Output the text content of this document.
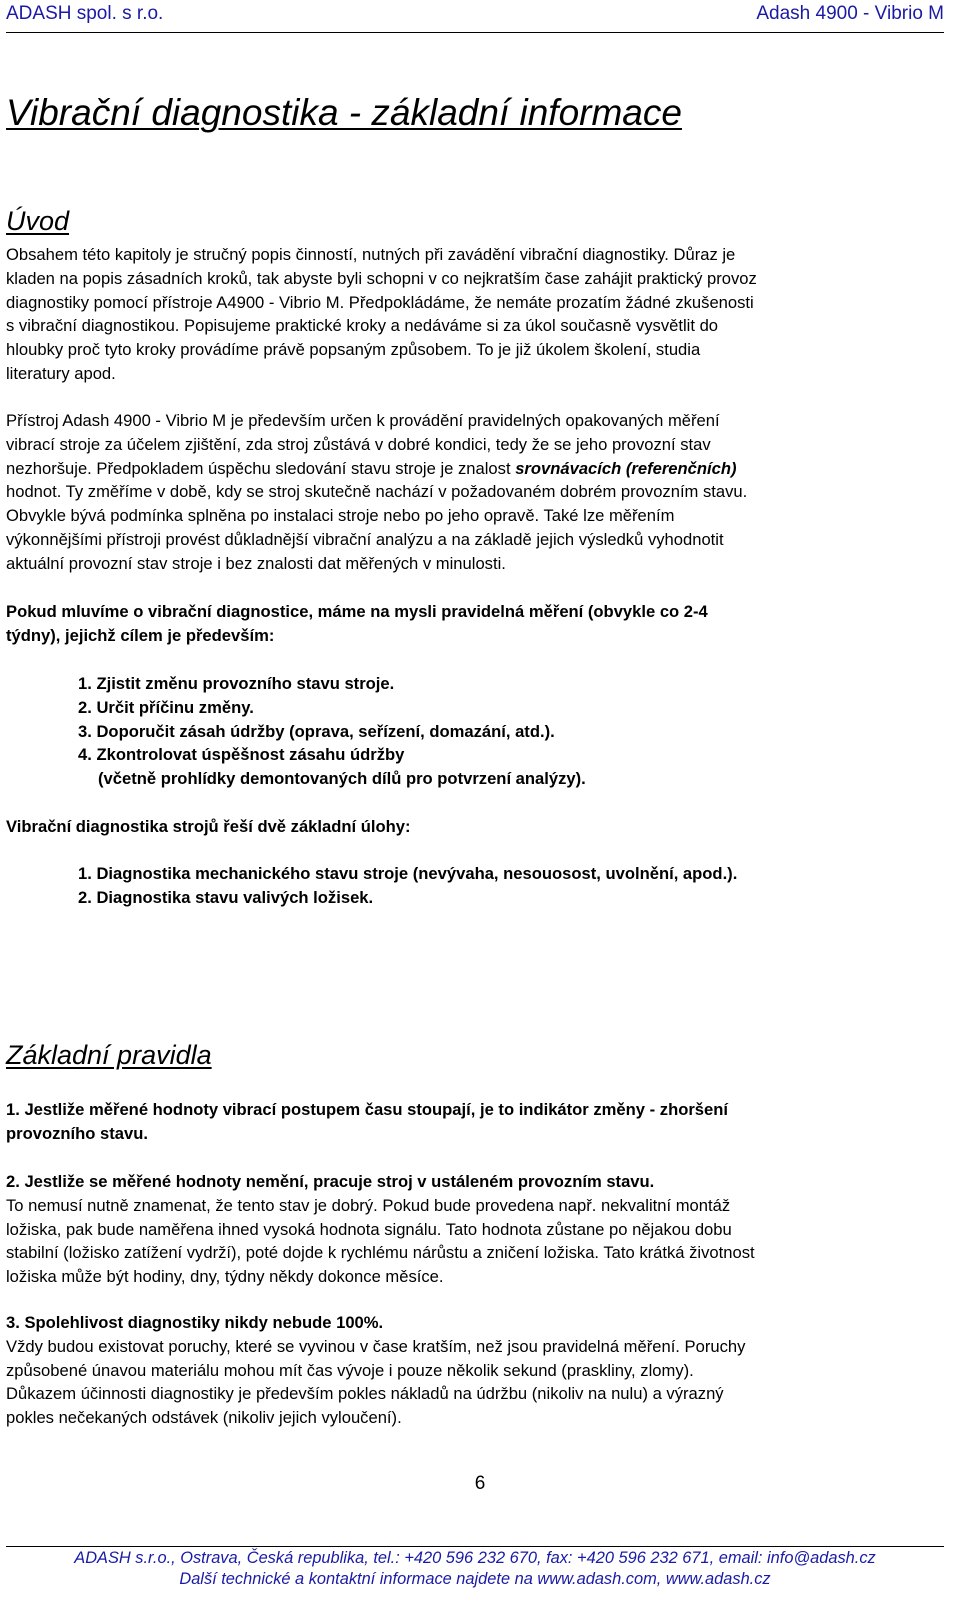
ADASH spol. s r.o.	Adash 4900 - Vibrio M
Vibrační diagnostika - základní informace
Úvod
Obsahem této kapitoly je stručný popis činností, nutných při zavádění vibrační diagnostiky. Důraz je
kladen na popis zásadních kroků, tak abyste byli schopni v co nejkratším čase zahájit praktický provoz
diagnostiky pomocí přístroje A4900 - Vibrio M. Předpokládáme, že nemáte prozatím žádné zkušenosti
s vibrační diagnostikou. Popisujeme praktické kroky a nedáváme si za úkol současně vysvětlit do
hloubky proč tyto kroky provádíme právě popsaným způsobem. To je již úkolem školení, studia
literatury apod.
Přístroj Adash 4900 - Vibrio M je především určen k provádění pravidelných opakovaných měření
vibrací stroje za účelem zjištění, zda stroj zůstává v dobré kondici, tedy že se jeho provozní stav
nezhoršuje. Předpokladem úspěchu sledování stavu stroje je znalost srovnávacích (referenčních)
hodnot. Ty změříme v době, kdy se stroj skutečně nachází v požadovaném dobrém provozním stavu.
Obvykle bývá podmínka splněna po instalaci stroje nebo po jeho opravě. Také lze měřením
výkonnějšími přístroji provést důkladnější vibrační analýzu a na základě jejich výsledků vyhodnotit
aktuální provozní stav stroje i bez znalosti dat měřených v minulosti.
Pokud mluvíme o vibrační diagnostice, máme na mysli pravidelná měření (obvykle co 2-4
týdny), jejichž cílem je především:
1. Zjistit změnu provozního stavu stroje.
2. Určit příčinu změny.
3. Doporučit zásah údržby (oprava, seřízení, domazání, atd.).
4. Zkontrolovat úspěšnost zásahu údržby
(včetně prohlídky demontovaných dílů pro potvrzení analýzy).
Vibrační diagnostika strojů řeší dvě základní úlohy:
1. Diagnostika mechanického stavu stroje (nevývaha, nesouosost, uvolnění, apod.).
2. Diagnostika stavu valivých ložisek.
Základní pravidla
1. Jestliže měřené hodnoty vibrací postupem času stoupají, je to indikátor změny - zhoršení
provozního stavu.
2. Jestliže se měřené hodnoty nemění, pracuje stroj v ustáleném provozním stavu.
To nemusí nutně znamenat, že tento stav je dobrý. Pokud bude provedena např. nekvalitní montáž
ložiska, pak bude naměřena ihned vysoká hodnota signálu. Tato hodnota zůstane po nějakou dobu
stabilní (ložisko zatížení vydrží), poté dojde k rychlému nárůstu a zničení ložiska. Tato krátká životnost
ložiska může být hodiny, dny, týdny někdy dokonce měsíce.
3. Spolehlivost diagnostiky nikdy nebude 100%.
Vždy budou existovat poruchy, které se vyvinou v čase kratším, než jsou pravidelná měření. Poruchy
způsobené únavou materiálu mohou mít čas vývoje i pouze několik sekund (praskliny, zlomy).
Důkazem účinnosti diagnostiky je především pokles nákladů na údržbu (nikoliv na nulu) a výrazný
pokles nečekaných odstávek (nikoliv jejich vyloučení).
6
ADASH s.r.o., Ostrava, Česká republika, tel.: +420 596 232 670, fax: +420 596 232 671, email: info@adash.cz
Další technické a kontaktní informace najdete na www.adash.com, www.adash.cz
